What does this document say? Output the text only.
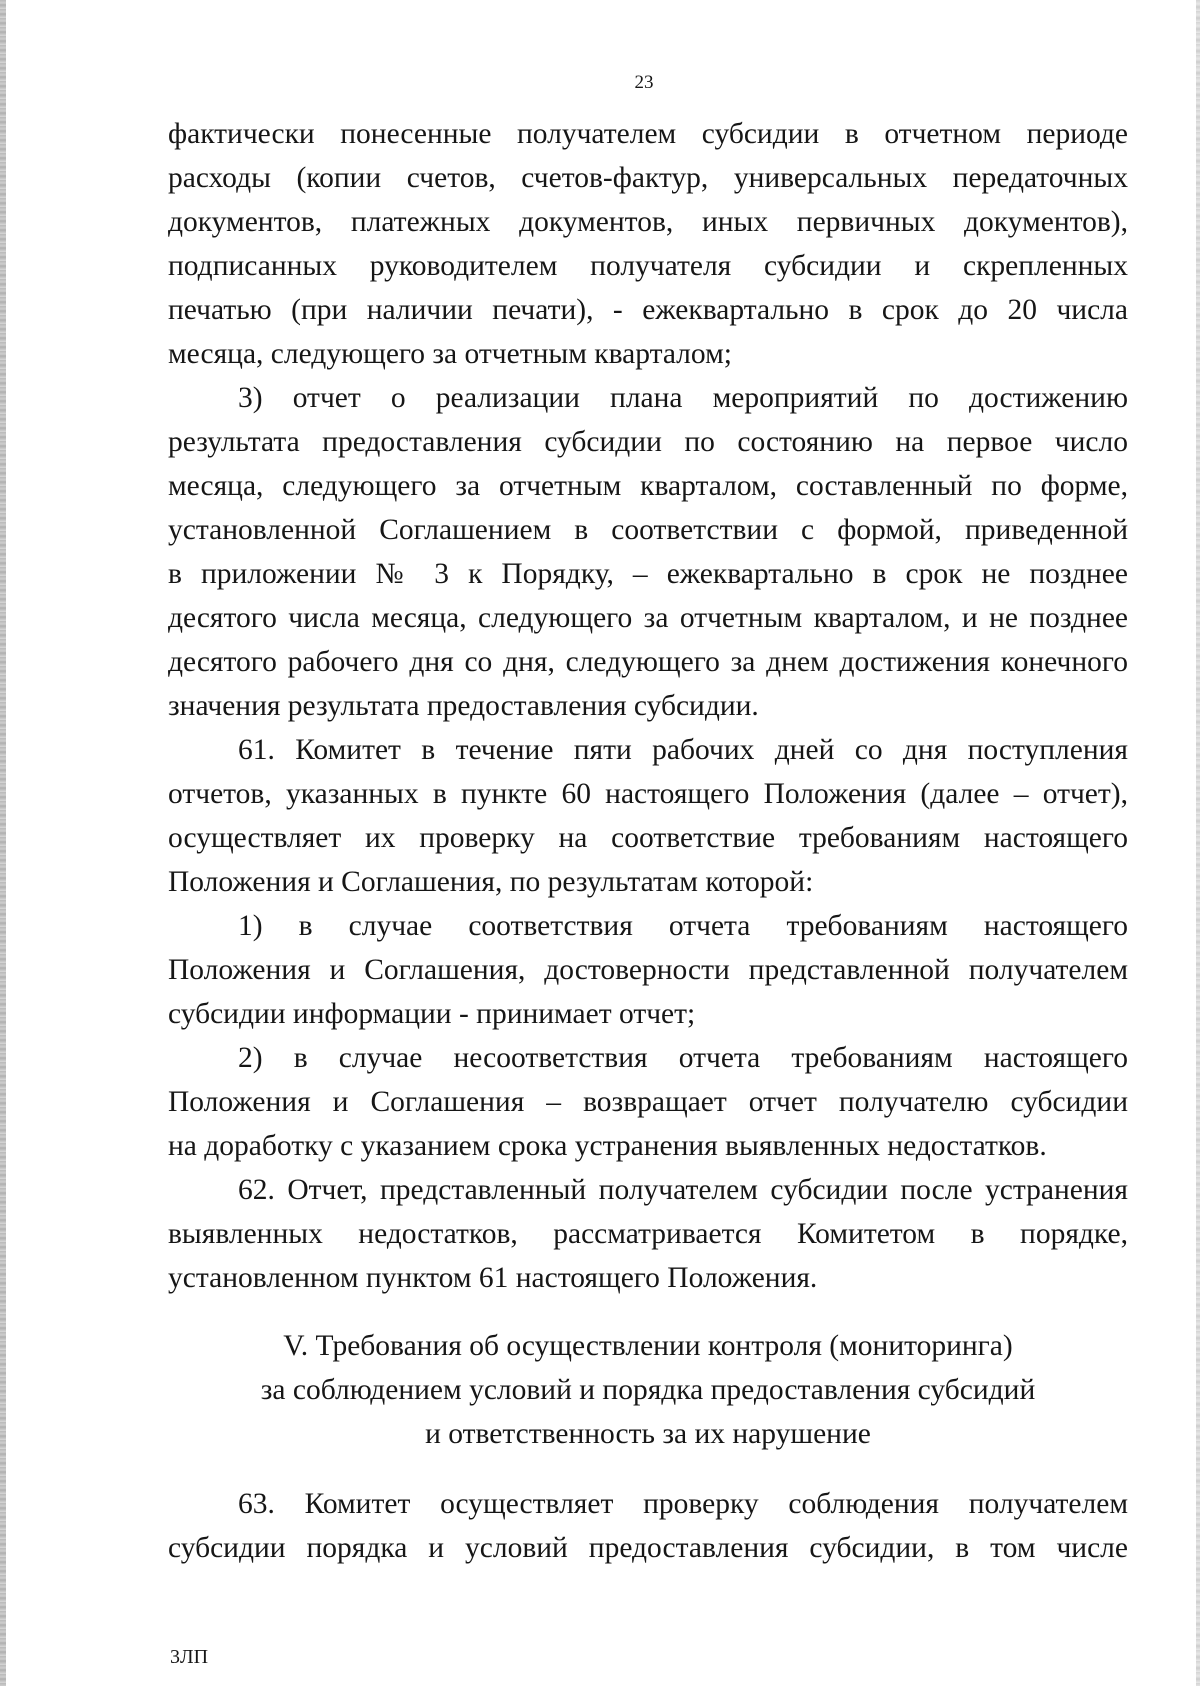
23
фактически понесенные получателем субсидии в отчетном периоде
расходы (копии счетов, счетов-фактур, универсальных передаточных
документов, платежных документов, иных первичных документов),
подписанных руководителем получателя субсидии и скрепленных
печатью (при наличии печати), - ежеквартально в срок до 20 числа
месяца, следующего за отчетным кварталом;
3) отчет о реализации плана мероприятий по достижению
результата предоставления субсидии по состоянию на первое число
месяца, следующего за отчетным кварталом, составленный по форме,
установленной Соглашением в соответствии с формой, приведенной
в приложении № 3 к Порядку, – ежеквартально в срок не позднее
десятого числа месяца, следующего за отчетным кварталом, и не позднее
десятого рабочего дня со дня, следующего за днем достижения конечного
значения результата предоставления субсидии.
61. Комитет в течение пяти рабочих дней со дня поступления
отчетов, указанных в пункте 60 настоящего Положения (далее – отчет),
осуществляет их проверку на соответствие требованиям настоящего
Положения и Соглашения, по результатам которой:
1) в случае соответствия отчета требованиям настоящего
Положения и Соглашения, достоверности представленной получателем
субсидии информации - принимает отчет;
2) в случае несоответствия отчета требованиям настоящего
Положения и Соглашения – возвращает отчет получателю субсидии
на доработку с указанием срока устранения выявленных недостатков.
62. Отчет, представленный получателем субсидии после устранения
выявленных недостатков, рассматривается Комитетом в порядке,
установленном пунктом 61 настоящего Положения.
V. Требования об осуществлении контроля (мониторинга)
за соблюдением условий и порядка предоставления субсидий
и ответственность за их нарушение
63. Комитет осуществляет проверку соблюдения получателем
субсидии порядка и условий предоставления субсидии, в том числе
3ЛП
